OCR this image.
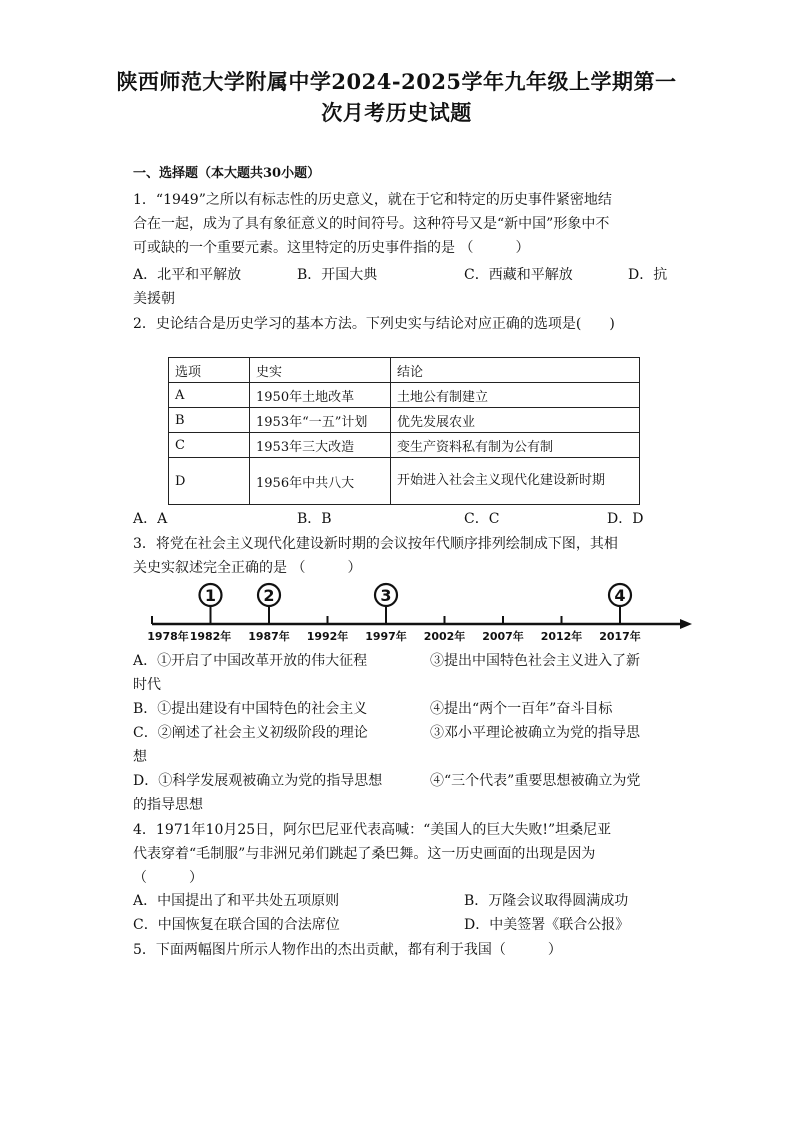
陕西师范大学附属中学2024-2025学年九年级上学期第一
次月考历史试题
一、选择题（本大题共30小题）
1．“1949”之所以有标志性的历史意义，就在于它和特定的历史事件紧密地结
合在一起，成为了具有象征意义的时间符号。这种符号又是“新中国”形象中不
可或缺的一个重要元素。这里特定的历史事件指的是 （　　　）
A．北平和平解放	B．开国大典	C．西藏和平解放	D．抗
美援朝
2．史论结合是历史学习的基本方法。下列史实与结论对应正确的选项是(　　)
选项	史实	结论
A	1950年土地改革	土地公有制建立
B	1953年“一五”计划	优先发展农业
C	1953年三大改造	变生产资料私有制为公有制
D	1956年中共八大	开始进入社会主义现代化建设新时期
A．A	B．B	C．C	D．D
3．将党在社会主义现代化建设新时期的会议按年代顺序排列绘制成下图，其相
关史实叙述完全正确的是 （　　　）
1978年 1982年 1987年 1992年 1997年 2002年 2007年 2012年 2017年
1	2	3	4
A．①开启了中国改革开放的伟大征程	③提出中国特色社会主义进入了新
时代
B．①提出建设有中国特色的社会主义	④提出“两个一百年”奋斗目标
C．②阐述了社会主义初级阶段的理论	③邓小平理论被确立为党的指导思
想
D．①科学发展观被确立为党的指导思想	④“三个代表”重要思想被确立为党
的指导思想
4．1971年10月25日，阿尔巴尼亚代表高喊：“美国人的巨大失败!”坦桑尼亚
代表穿着“毛制服”与非洲兄弟们跳起了桑巴舞。这一历史画面的出现是因为
（　　　）
A．中国提出了和平共处五项原则	B．万隆会议取得圆满成功
C．中国恢复在联合国的合法席位	D．中美签署《联合公报》
5．下面两幅图片所示人物作出的杰出贡献，都有利于我国（　　　）
